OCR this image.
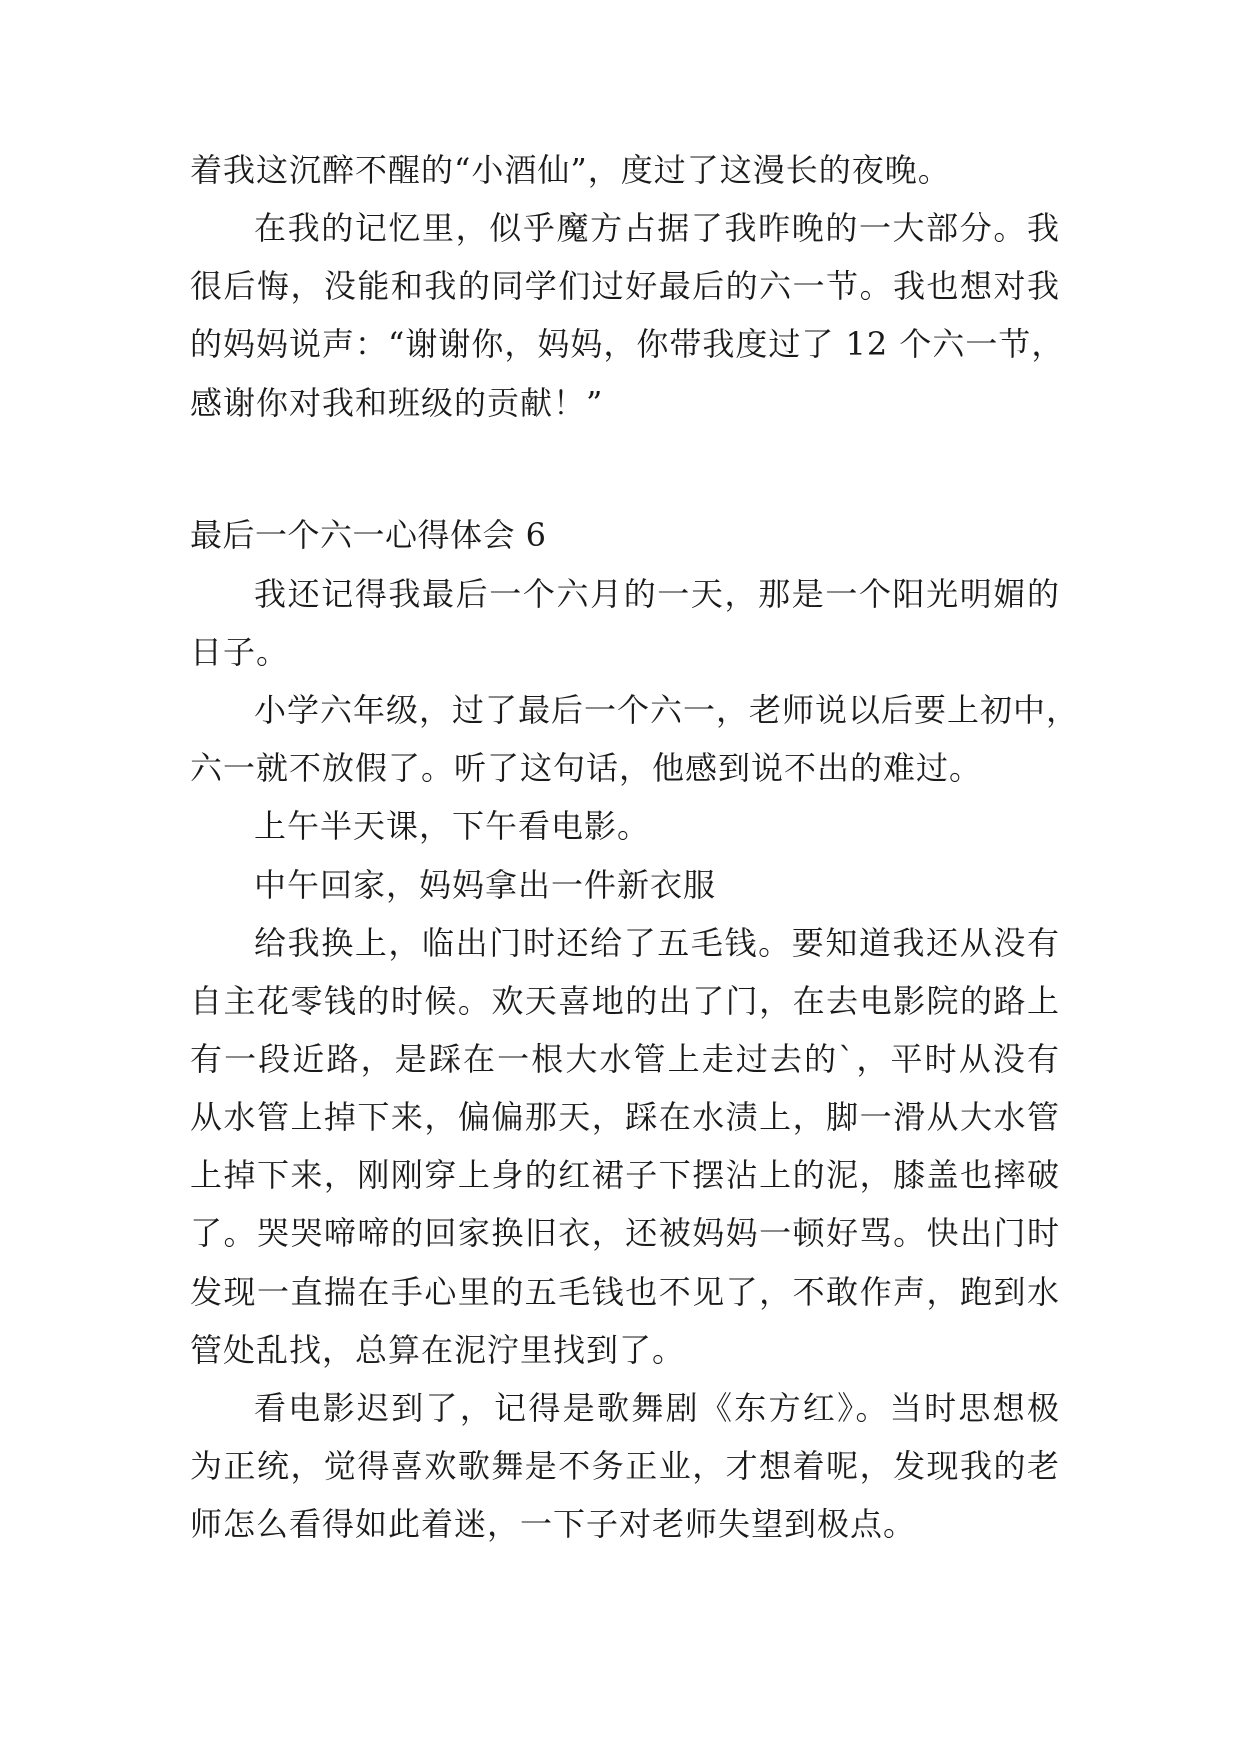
着我这沉醉不醒的“小酒仙”，度过了这漫长的夜晚。
在我的记忆里，似乎魔方占据了我昨晚的一大部分。我
很后悔，没能和我的同学们过好最后的六一节。我也想对我
的妈妈说声：“谢谢你，妈妈，你带我度过了 12 个六一节，
感谢你对我和班级的贡献！”
最后一个六一心得体会 6
我还记得我最后一个六月的一天，那是一个阳光明媚的
日子。
小学六年级，过了最后一个六一，老师说以后要上初中，
六一就不放假了。听了这句话，他感到说不出的难过。
上午半天课，下午看电影。
中午回家，妈妈拿出一件新衣服
给我换上，临出门时还给了五毛钱。要知道我还从没有
自主花零钱的时候。欢天喜地的出了门，在去电影院的路上
有一段近路，是踩在一根大水管上走过去的`，平时从没有
从水管上掉下来，偏偏那天，踩在水渍上，脚一滑从大水管
上掉下来，刚刚穿上身的红裙子下摆沾上的泥，膝盖也摔破
了。哭哭啼啼的回家换旧衣，还被妈妈一顿好骂。快出门时
发现一直揣在手心里的五毛钱也不见了，不敢作声，跑到水
管处乱找，总算在泥泞里找到了。
看电影迟到了，记得是歌舞剧《东方红》。当时思想极
为正统，觉得喜欢歌舞是不务正业，才想着呢，发现我的老
师怎么看得如此着迷，一下子对老师失望到极点。
